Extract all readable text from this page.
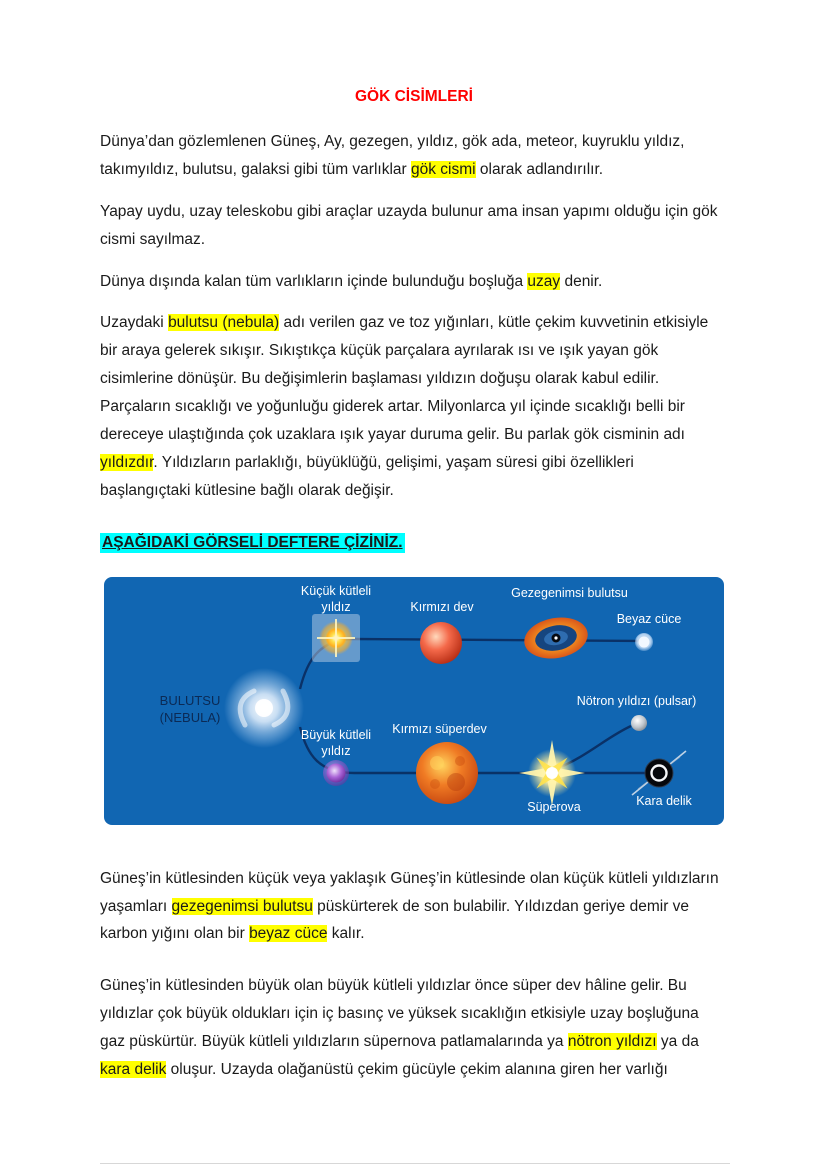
GÖK CİSİMLERİ

Dünya’dan gözlemlenen Güneş, Ay, gezegen, yıldız, gök ada, meteor, kuyruklu yıldız, takımyıldız, bulutsu, galaksi gibi tüm varlıklar gök cismi olarak adlandırılır.

Yapay uydu, uzay teleskobu gibi araçlar uzayda bulunur ama insan yapımı olduğu için gök cismi sayılmaz.

Dünya dışında kalan tüm varlıkların içinde bulunduğu boşluğa uzay denir.

Uzaydaki bulutsu (nebula) adı verilen gaz ve toz yığınları, kütle çekim kuvvetinin etkisiyle bir araya gelerek sıkışır. Sıkıştıkça küçük parçalara ayrılarak ısı ve ışık yayan gök cisimlerine dönüşür. Bu değişimlerin başlaması yıldızın doğuşu olarak kabul edilir. Parçaların sıcaklığı ve yoğunluğu giderek artar. Milyonlarca yıl içinde sıcaklığı belli bir dereceye ulaştığında çok uzaklara ışık yayar duruma gelir. Bu parlak gök cisminin adı yıldızdır. Yıldızların parlaklığı, büyüklüğü, gelişimi, yaşam süresi gibi özellikleri başlangıçtaki kütlesine bağlı olarak değişir.

AŞAĞIDAKİ GÖRSELİ DEFTERE ÇİZİNİZ.
BULUTSU (NEBULA)
Küçük kütleli yıldız	Kırmızı dev
Gezegenimsi bulutsu
Beyaz cüce
Büyük kütleli yıldız
Kırmızı süperdev
Nötron yıldızı (pulsar)
Süperova	Kara delik

Güneş’in kütlesinden küçük veya yaklaşık Güneş’in kütlesinde olan küçük kütleli yıldızların yaşamları gezegenimsi bulutsu püskürterek de son bulabilir. Yıldızdan geriye demir ve karbon yığını olan bir beyaz cüce kalır.

Güneş’in kütlesinden büyük olan büyük kütleli yıldızlar önce süper dev hâline gelir. Bu yıldızlar çok büyük oldukları için iç basınç ve yüksek sıcaklığın etkisiyle uzay boşluğuna gaz püskürtür. Büyük kütleli yıldızların süpernova patlamalarında ya nötron yıldızı ya da kara delik oluşur. Uzayda olağanüstü çekim gücüyle çekim alanına giren her varlığı
